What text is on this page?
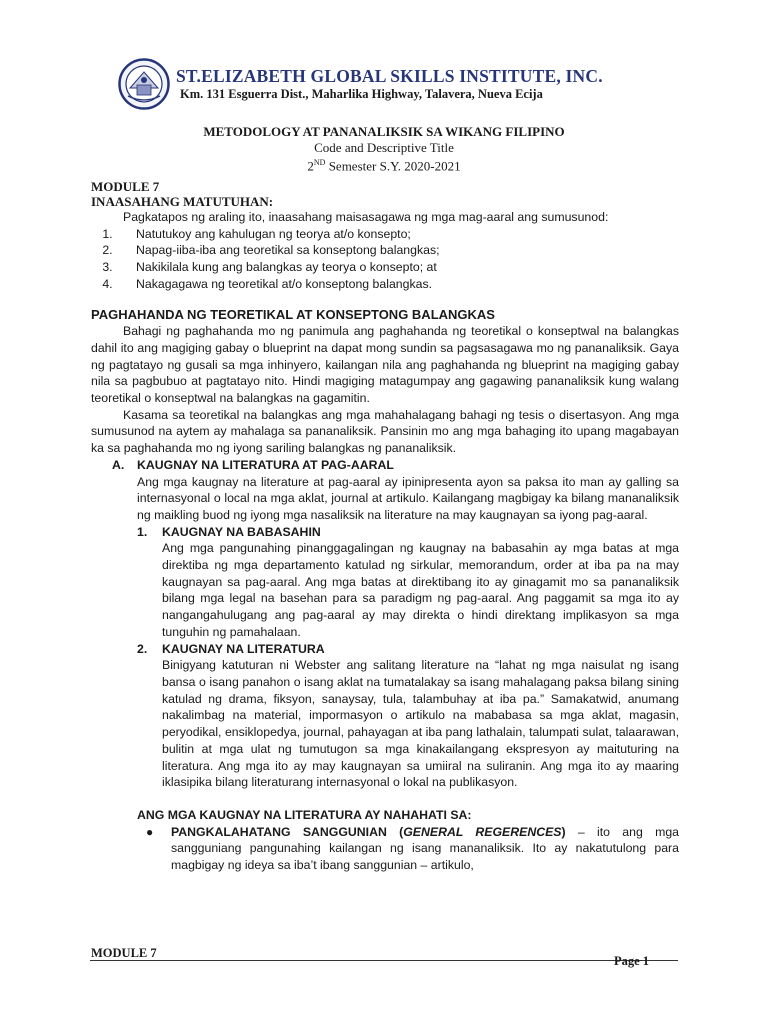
ST.ELIZABETH GLOBAL SKILLS INSTITUTE, INC.
Km. 131 Esguerra Dist., Maharlika Highway, Talavera, Nueva Ecija
METODOLOGY AT PANANALIKSIK SA WIKANG FILIPINO
Code and Descriptive Title
2ND Semester S.Y. 2020-2021
MODULE 7
INAASAHANG MATUTUHAN:
Pagkatapos ng araling ito, inaasahang maisasagawa ng mga mag-aaral ang sumusunod:
1. Natutukoy ang kahulugan ng teorya at/o konsepto;
2. Napag-iiba-iba ang teoretikal sa konseptong balangkas;
3. Nakikilala kung ang balangkas ay teorya o konsepto; at
4. Nakagagawa ng teoretikal at/o konseptong balangkas.
PAGHAHANDA NG TEORETIKAL AT KONSEPTONG BALANGKAS

Bahagi ng paghahanda mo ng panimula ang paghahanda ng teoretikal o konseptwal na balangkas dahil ito ang magiging gabay o blueprint na dapat mong sundin sa pagsasagawa mo ng pananaliksik. Gaya ng pagtatayo ng gusali sa mga inhinyero, kailangan nila ang paghahanda ng blueprint na magiging gabay nila sa pagbubuo at pagtatayo nito. Hindi magiging matagumpay ang gagawing pananaliksik kung walang teoretikal o konseptwal na balangkas na gagamitin.

Kasama sa teoretikal na balangkas ang mga mahahalagang bahagi ng tesis o disertasyon. Ang mga sumusunod na aytem ay mahalaga sa pananaliksik. Pansinin mo ang mga bahaging ito upang magabayan ka sa paghahanda mo ng iyong sariling balangkas ng pananaliksik.

A. KAUGNAY NA LITERATURA AT PAG-AARAL

Ang mga kaugnay na literature at pag-aaral ay ipinipresenta ayon sa paksa ito man ay galling sa internasyonal o local na mga aklat, journal at artikulo. Kailangang magbigay ka bilang mananaliksik ng maikling buod ng iyong mga nasaliksik na literature na may kaugnayan sa iyong pag-aaral.

1. KAUGNAY NA BABASAHIN

Ang mga pangunahing pinanggagalingan ng kaugnay na babasahin ay mga batas at mga direktiba ng mga departamento katulad ng sirkular, memorandum, order at iba pa na may kaugnayan sa pag-aaral. Ang mga batas at direktibang ito ay ginagamit mo sa pananaliksik bilang mga legal na basehan para sa paradigm ng pag-aaral. Ang paggamit sa mga ito ay nangangahulugang ang pag-aaral ay may direkta o hindi direktang implikasyon sa mga tunguhin ng pamahalaan.

2. KAUGNAY NA LITERATURA

Binigyang katuturan ni Webster ang salitang literature na “lahat ng mga naisulat ng isang bansa o isang panahon o isang aklat na tumatalakay sa isang mahalagang paksa bilang sining katulad ng drama, fiksyon, sanaysay, tula, talambuhay at iba pa.” Samakatwid, anumang nakalimbag na material, impormasyon o artikulo na mababasa sa mga aklat, magasin, peryodikal, ensiklopedya, journal, pahayagan at iba pang lathalain, talumpati sulat, talaarawan, bulitin at mga ulat ng tumutugon sa mga kinakailangang ekspresyon ay maituturing na literatura. Ang mga ito ay may kaugnayan sa umiiral na suliranin. Ang mga ito ay maaring iklasipika bilang literaturang internasyonal o lokal na publikasyon.

ANG MGA KAUGNAY NA LITERATURA AY NAHAHATI SA:
●	PANGKALAHATANG SANGGUNIAN (GENERAL REGERENCES) – ito ang mga sangguniang pangunahing kailangan ng isang mananaliksik. Ito ay nakatutulong para magbigay ng ideya sa iba’t ibang sanggunian – artikulo,

MODULE 7
Page 1
